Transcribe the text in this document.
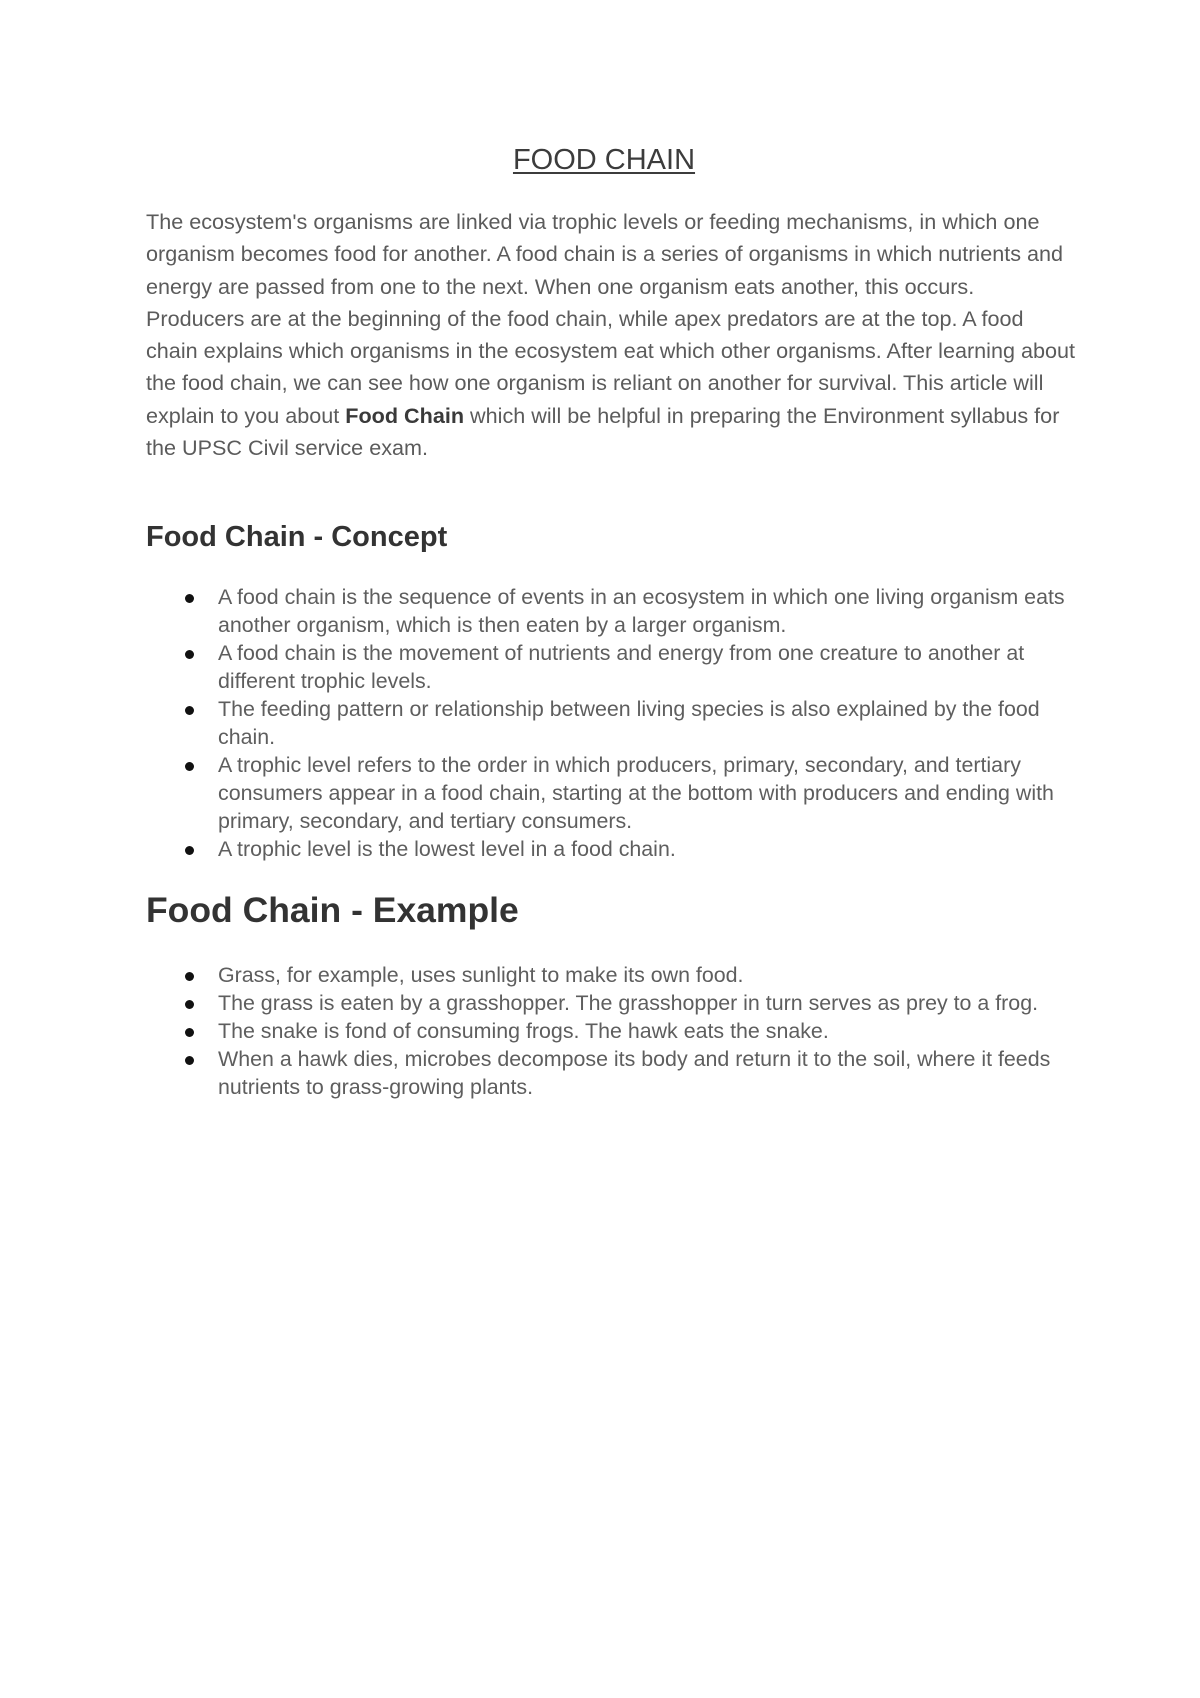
FOOD CHAIN

The ecosystem's organisms are linked via trophic levels or feeding mechanisms, in which one organism becomes food for another. A food chain is a series of organisms in which nutrients and energy are passed from one to the next. When one organism eats another, this occurs. Producers are at the beginning of the food chain, while apex predators are at the top. A food chain explains which organisms in the ecosystem eat which other organisms. After learning about the food chain, we can see how one organism is reliant on another for survival. This article will explain to you about Food Chain which will be helpful in preparing the Environment syllabus for the UPSC Civil service exam.

Food Chain - Concept
A food chain is the sequence of events in an ecosystem in which one living organism eats another organism, which is then eaten by a larger organism.
A food chain is the movement of nutrients and energy from one creature to another at different trophic levels.
The feeding pattern or relationship between living species is also explained by the food chain.
A trophic level refers to the order in which producers, primary, secondary, and tertiary consumers appear in a food chain, starting at the bottom with producers and ending with primary, secondary, and tertiary consumers.
A trophic level is the lowest level in a food chain.
Food Chain - Example
Grass, for example, uses sunlight to make its own food.
The grass is eaten by a grasshopper. The grasshopper in turn serves as prey to a frog.
The snake is fond of consuming frogs. The hawk eats the snake.
When a hawk dies, microbes decompose its body and return it to the soil, where it feeds nutrients to grass-growing plants.
